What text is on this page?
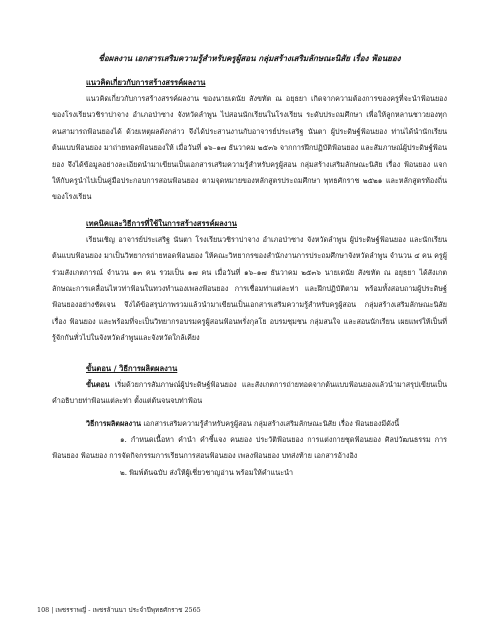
ชื่อผลงาน เอกสารเสริมความรู้สำหรับครูผู้สอน กลุ่มสร้างเสริมลักษณะนิสัย เรื่อง ฟ้อนยอง
แนวคิดเกี่ยวกับการสร้างสรรค์ผลงาน

แนวคิดเกี่ยวกับการสร้างสรรค์ผลงาน ของนายเดนัย สังขทัต ณ อยุธยา เกิดจากความต้องการของครูที่จะนำฟ้อนยองของโรงเรียนวชิราปาจาง อำเภอป่าซาง จังหวัดลำพูน ไปสอนนักเรียนในโรงเรียน ระดับประถมศึกษา เพื่อให้ลูกหลานชาวยองทุกคนสามารถฟ้อนยองได้ ด้วยเหตุผลดังกล่าว จึงได้ประสานงานกับอาจารย์ประเสริฐ นันตา ผู้ประดิษฐ์ฟ้อนยอง ท่านได้นำนักเรียนต้นแบบฟ้อนยอง มาถ่ายทอดฟ้อนยองให้ เมื่อวันที่ ๑๖–๑๗ ธันวาคม ๒๕๓๖ จากการฝึกปฏิบัติฟ้อนยอง และสัมภาษณ์ผู้ประดิษฐ์ฟ้อนยอง จึงได้ข้อมูลอย่างละเอียดนำมาเขียนเป็นเอกสารเสริมความรู้สำหรับครูผู้สอน กลุ่มสร้างเสริมลักษณะนิสัย เรื่อง ฟ้อนยอง แจกให้กับครูนำไปเป็นคู่มือประกอบการสอนฟ้อนยอง ตามจุดหมายของหลักสูตรประถมศึกษา พุทธศักราช ๒๕๒๑ และหลักสูตรท้องถิ่นของโรงเรียน

เทคนิคและวิธีการที่ใช้ในการสร้างสรรค์ผลงาน

เรียนเชิญ อาจารย์ประเสริฐ นันตา โรงเรียนวชิราปาจาง อำเภอป่าซาง จังหวัดลำพูน ผู้ประดิษฐ์ฟ้อนยอง และนักเรียนต้นแบบฟ้อนยอง มาเป็นวิทยากรถ่ายทอดฟ้อนยอง ให้คณะวิทยากรของสำนักงานการประถมศึกษาจังหวัดลำพูน จำนวน ๔ คน ครูผู้ร่วมสังเกตการณ์ จำนวน ๑๓ คน รวมเป็น ๑๗ คน เมื่อวันที่ ๑๖–๑๗ ธันวาคม ๒๕๓๖ นายเดนัย สังขทัต ณ อยุธยา ได้สังเกตลักษณะการเคลื่อนไหวท่าฟ้อนในทวงทำนองเพลงฟ้อนยอง การเชื่อมท่าแต่ละท่า และฝึกปฏิบัติตาม พร้อมทั้งสอบถามผู้ประดิษฐ์ฟ้อนยองอย่างชัดเจน จึงได้ข้อสรุปภาพรวมแล้วนำมาเขียนเป็นเอกสารเสริมความรู้สำหรับครูผู้สอน กลุ่มสร้างเสริมลักษณะนิสัย เรื่อง ฟ้อนยอง และพร้อมที่จะเป็นวิทยากรอบรมครูผู้สอนฟ้อนพรั่งกุลโย อบรมชุมชน กลุ่มสนใจ และสอนนักเรียน เผยแพร่ให้เป็นที่รู้จักกันทั่วไปในจังหวัดลำพูนและจังหวัดใกล้เคียง

ขั้นตอน / วิธีการผลิตผลงาน

ขั้นตอน เริ่มด้วยการสัมภาษณ์ผู้ประดิษฐ์ฟ้อนยอง และสังเกตการถ่ายทอดจากต้นแบบฟ้อนยองแล้วนำมาสรุปเขียนเป็นคำอธิบายท่าฟ้อนแต่ละท่า ตั้งแต่ต้นจนจบท่าฟ้อน

วิธีการผลิตผลงาน เอกสารเสริมความรู้สำหรับครูผู้สอน กลุ่มสร้างเสริมลักษณะนิสัย เรื่อง ฟ้อนยองมีดังนี้

๑. กำหนดเนื้อหา คำนำ คำชี้แจง คนยอง ประวัติฟ้อนยอง การแต่งกายชุดฟ้อนยอง ศิลปวัฒนธรรม การฟ้อนยอง ฟ้อนยอง การจัดกิจกรรมการเรียนการสอนฟ้อนยอง เพลงฟ้อนยอง บทส่งท้าย เอกสารอ้างอิง

๒. พิมพ์ต้นฉบับ ส่งให้ผู้เชี่ยวชาญอ่าน พร้อมให้คำแนะนำ

108 | เพชรราพญี่ - เพชรล้านนา ประจำปีพุทธศักราช 2565
